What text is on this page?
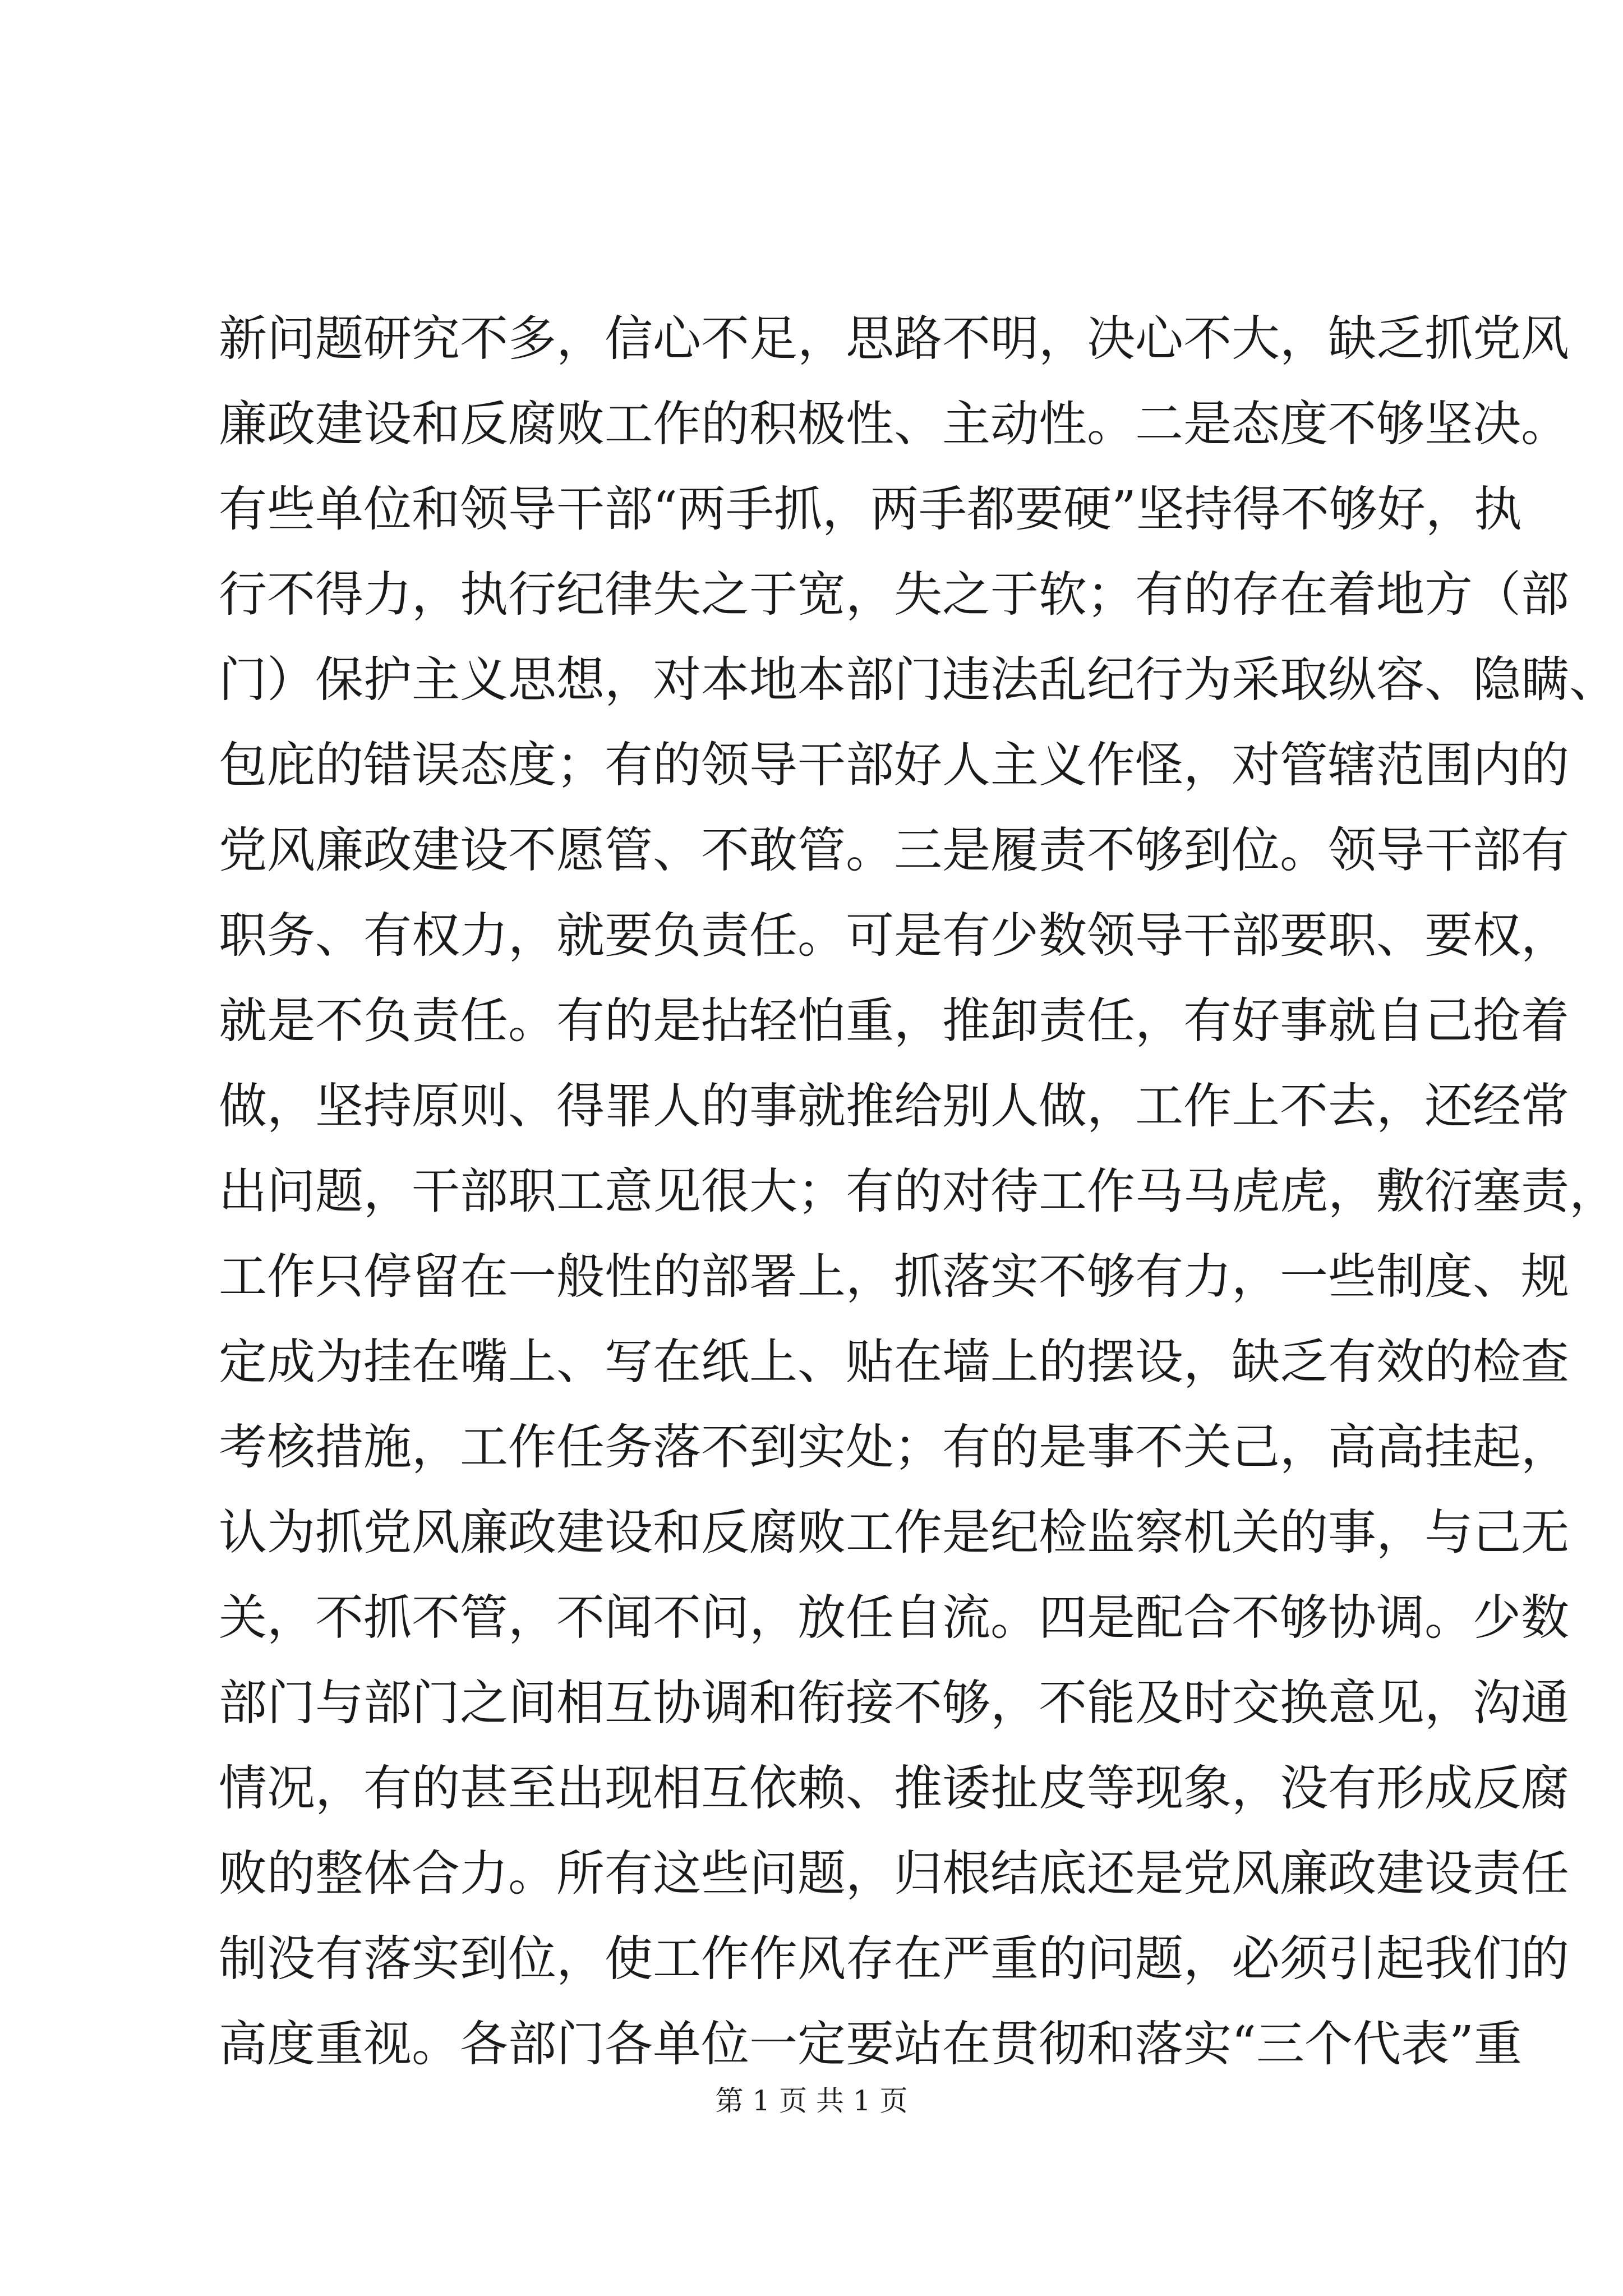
新问题研究不多，信心不足，思路不明，决心不大，缺乏抓党风
廉政建设和反腐败工作的积极性、主动性。二是态度不够坚决。
有些单位和领导干部“两手抓，两手都要硬”坚持得不够好，执
行不得力，执行纪律失之于宽，失之于软；有的存在着地方（部
门）保护主义思想，对本地本部门违法乱纪行为采取纵容、隐瞒、
包庇的错误态度；有的领导干部好人主义作怪，对管辖范围内的
党风廉政建设不愿管、不敢管。三是履责不够到位。领导干部有
职务、有权力，就要负责任。可是有少数领导干部要职、要权，
就是不负责任。有的是拈轻怕重，推卸责任，有好事就自己抢着
做，坚持原则、得罪人的事就推给别人做，工作上不去，还经常
出问题，干部职工意见很大；有的对待工作马马虎虎，敷衍塞责，
工作只停留在一般性的部署上，抓落实不够有力，一些制度、规
定成为挂在嘴上、写在纸上、贴在墙上的摆设，缺乏有效的检查
考核措施，工作任务落不到实处；有的是事不关己，高高挂起，
认为抓党风廉政建设和反腐败工作是纪检监察机关的事，与己无
关，不抓不管，不闻不问，放任自流。四是配合不够协调。少数
部门与部门之间相互协调和衔接不够，不能及时交换意见，沟通
情况，有的甚至出现相互依赖、推诿扯皮等现象，没有形成反腐
败的整体合力。所有这些问题，归根结底还是党风廉政建设责任
制没有落实到位，使工作作风存在严重的问题，必须引起我们的
高度重视。各部门各单位一定要站在贯彻和落实“三个代表”重
第 1 页 共 1 页
